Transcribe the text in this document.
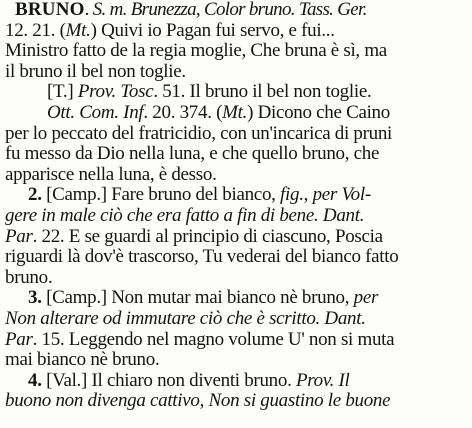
BRUNO. S. m. Brunezza, Color bruno. Tass. Ger.
12. 21. (Mt.) Quivi io Pagan fui servo, e fui...
Ministro fatto de la regia moglie, Che bruna è sì, ma
il bruno il bel non toglie.
[T.] Prov. Tosc. 51. Il bruno il bel non toglie.
Ott. Com. Inf. 20. 374. (Mt.) Dicono che Caino
per lo peccato del fratricidio, con un'incarica di pruni
fu messo da Dio nella luna, e che quello bruno, che
apparisce nella luna, è desso.
2. [Camp.] Fare bruno del bianco, fig., per Vol-
gere in male ciò che era fatto a fin di bene. Dant.
Par. 22. E se guardi al principio di ciascuno, Poscia
riguardi là dov'è trascorso, Tu vederai del bianco fatto
bruno.
3. [Camp.] Non mutar mai bianco nè bruno, per
Non alterare od immutare ciò che è scritto. Dant.
Par. 15. Leggendo nel magno volume U' non si muta
mai bianco nè bruno.
4. [Val.] Il chiaro non diventi bruno. Prov. Il
buono non divenga cattivo, Non si guastino le buone
